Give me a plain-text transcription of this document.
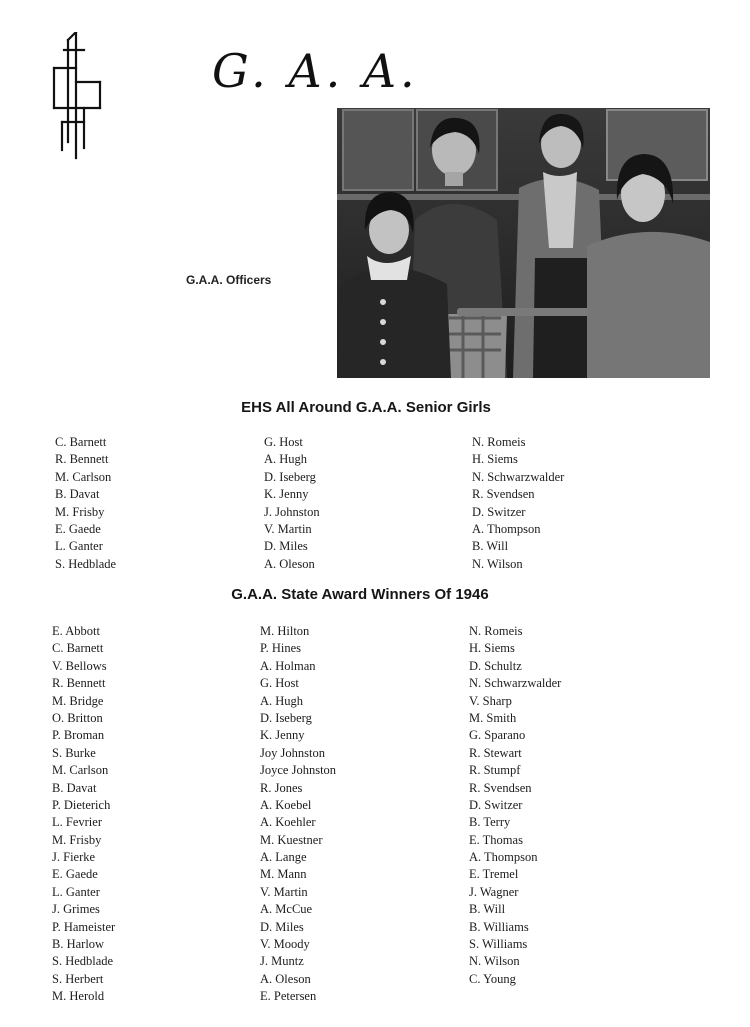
G. A. A.
G.A.A. Officers
EHS All Around G.A.A. Senior Girls
C. Barnett
R. Bennett
M. Carlson
B. Davat
M. Frisby
E. Gaede
L. Ganter
S. Hedblade
G. Host
A. Hugh
D. Iseberg
K. Jenny
J. Johnston
V. Martin
D. Miles
A. Oleson
N. Romeis
H. Siems
N. Schwarzwalder
R. Svendsen
D. Switzer
A. Thompson
B. Will
N. Wilson
G.A.A. State Award Winners Of 1946
E. Abbott
C. Barnett
V. Bellows
R. Bennett
M. Bridge
O. Britton
P. Broman
S. Burke
M. Carlson
B. Davat
P. Dieterich
L. Fevrier
M. Frisby
J. Fierke
E. Gaede
L. Ganter
J. Grimes
P. Hameister
B. Harlow
S. Hedblade
S. Herbert
M. Herold
M. Hilton
P. Hines
A. Holman
G. Host
A. Hugh
D. Iseberg
K. Jenny
Joy Johnston
Joyce Johnston
R. Jones
A. Koebel
A. Koehler
M. Kuestner
A. Lange
M. Mann
V. Martin
A. McCue
D. Miles
V. Moody
J. Muntz
A. Oleson
E. Petersen
N. Romeis
H. Siems
D. Schultz
N. Schwarzwalder
V. Sharp
M. Smith
G. Sparano
R. Stewart
R. Stumpf
R. Svendsen
D. Switzer
B. Terry
E. Thomas
A. Thompson
E. Tremel
J. Wagner
B. Will
B. Williams
S. Williams
N. Wilson
C. Young
